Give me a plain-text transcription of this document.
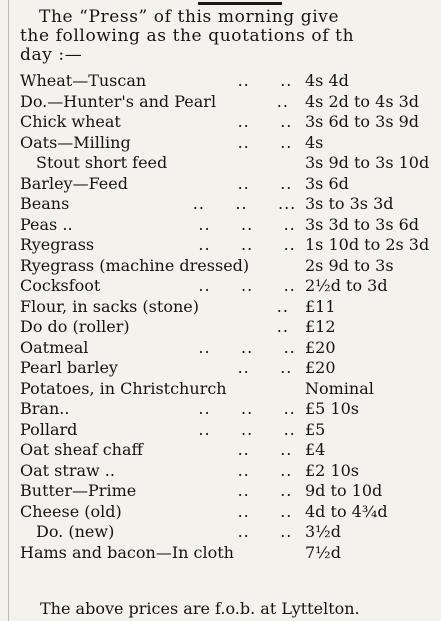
The “Press” of this morning give
the following as the quotations of th
day :—
Wheat—Tuscan	..     .. 4s 4d
Do.—Hunter's and Pearl	.. 4s 2d to 4s 3d
Chick wheat	..     .. 3s 6d to 3s 9d
Oats—Milling	..     .. 4s
Stout short feed	3s 9d to 3s 10d
Barley—Feed	..     .. 3s 6d
Beans	..     ..     ... 3s to 3s 3d
Peas ..	..     ..     .. 3s 3d to 3s 6d
Ryegrass	..     ..     .. 1s 10d to 2s 3d
Ryegrass (machine dressed)	2s 9d to 3s
Cocksfoot	..     ..     .. 2½d to 3d
Flour, in sacks (stone)	.. £11
Do do (roller)	.. £12
Oatmeal	..     ..     .. £20
Pearl barley	..     .. £20
Potatoes, in Christchurch	Nominal
Bran..	..     ..     .. £5 10s
Pollard	..     ..     .. £5
Oat sheaf chaff	..     .. £4
Oat straw ..	..     .. £2 10s
Butter—Prime	..     .. 9d to 10d
Cheese (old)	..     .. 4d to 4¾d
Do. (new)	..     .. 3½d
Hams and bacon—In cloth	7½d
The above prices are f.o.b. at Lyttelton.
